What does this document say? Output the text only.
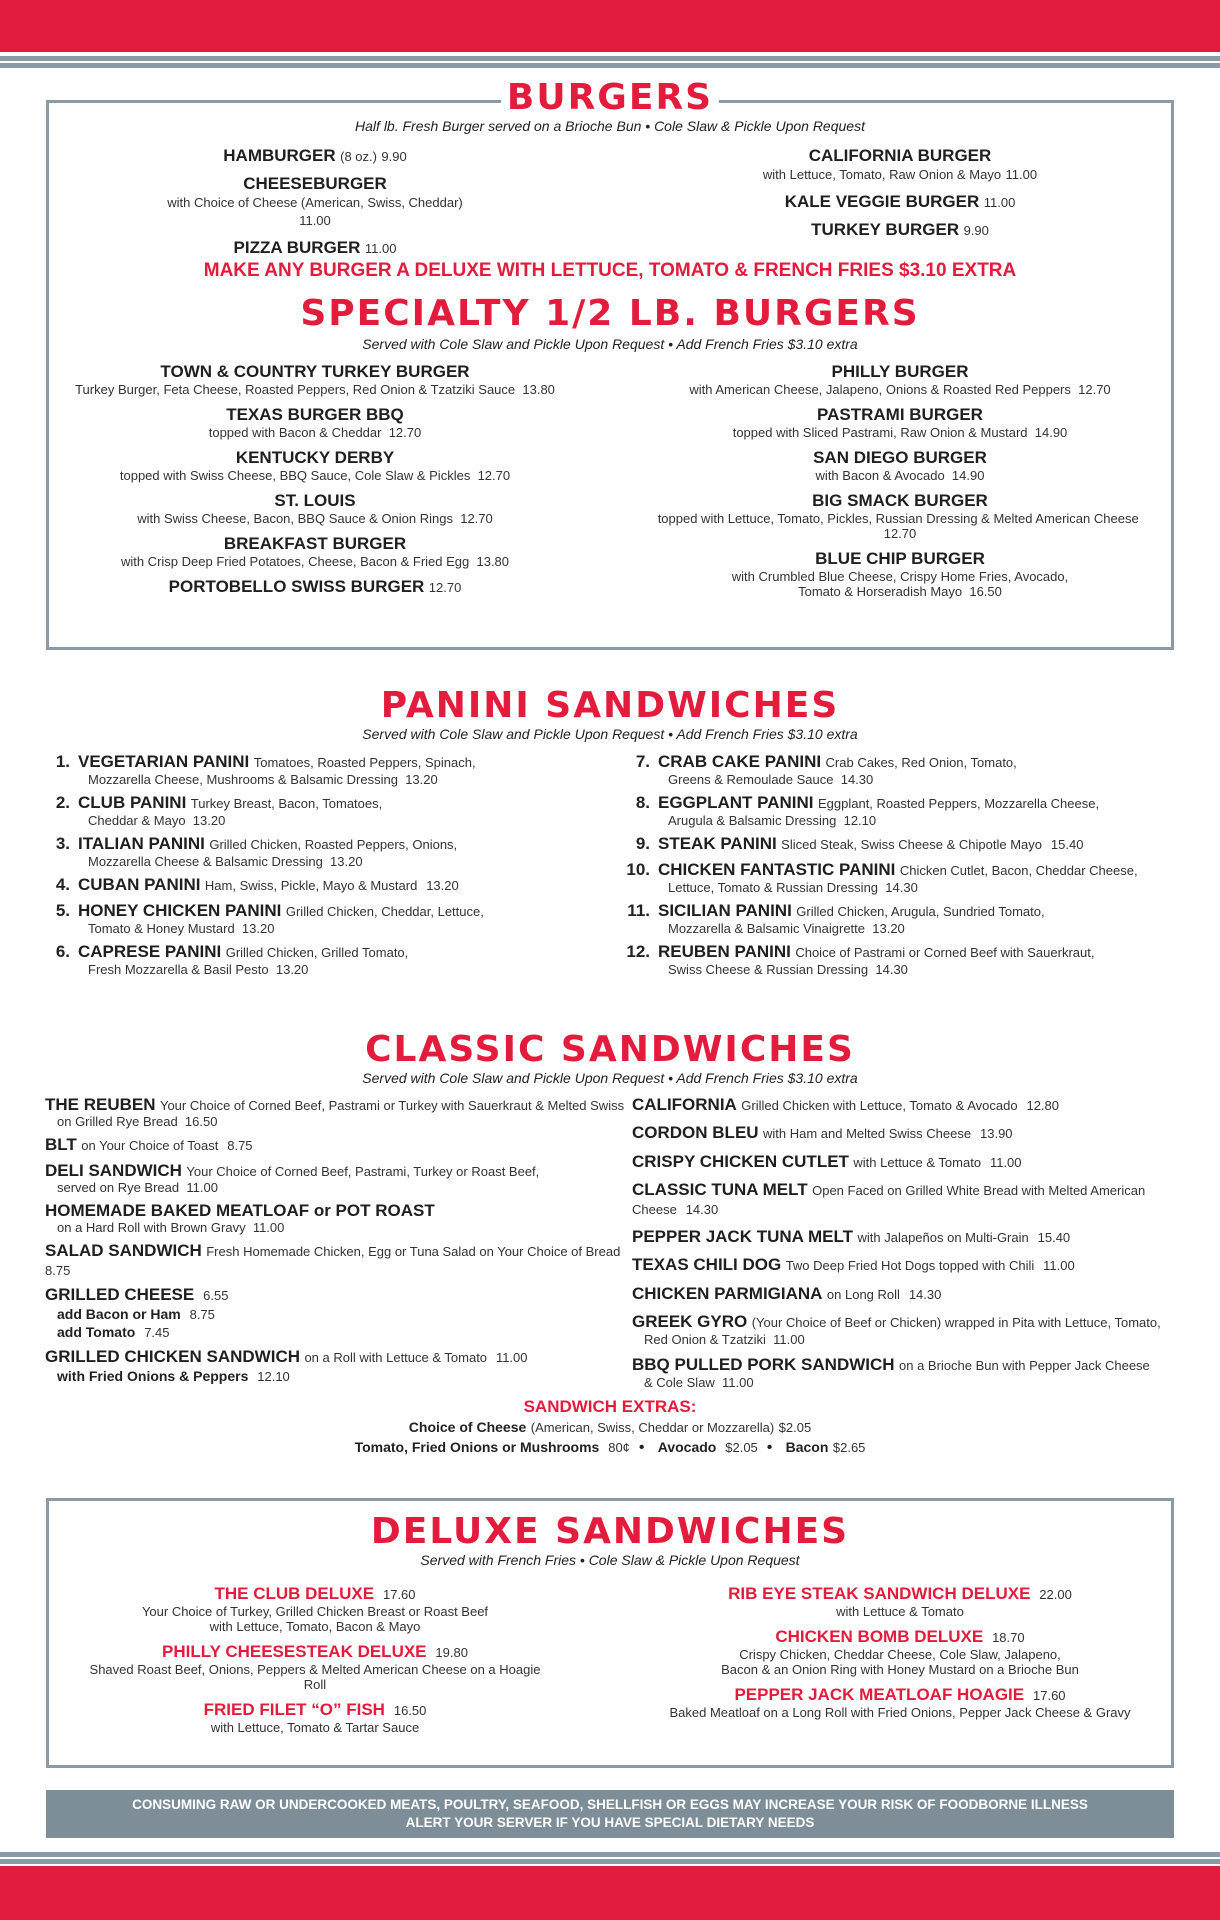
BURGERS
Half lb. Fresh Burger served on a Brioche Bun • Cole Slaw & Pickle Upon Request
HAMBURGER (8 oz.) 9.90
CHEESEBURGER
with Choice of Cheese (American, Swiss, Cheddar) 11.00
PIZZA BURGER 11.00
CALIFORNIA BURGER
with Lettuce, Tomato, Raw Onion & Mayo 11.00
KALE VEGGIE BURGER 11.00
TURKEY BURGER 9.90
MAKE ANY BURGER A DELUXE WITH LETTUCE, TOMATO & FRENCH FRIES $3.10 EXTRA
SPECIALTY 1/2 LB. BURGERS
Served with Cole Slaw and Pickle Upon Request • Add French Fries $3.10 extra
TOWN & COUNTRY TURKEY BURGER
Turkey Burger, Feta Cheese, Roasted Peppers, Red Onion & Tzatziki Sauce 13.80
TEXAS BURGER BBQ
topped with Bacon & Cheddar 12.70
KENTUCKY DERBY
topped with Swiss Cheese, BBQ Sauce, Cole Slaw & Pickles 12.70
ST. LOUIS
with Swiss Cheese, Bacon, BBQ Sauce & Onion Rings 12.70
BREAKFAST BURGER
with Crisp Deep Fried Potatoes, Cheese, Bacon & Fried Egg 13.80
PORTOBELLO SWISS BURGER 12.70
PHILLY BURGER
with American Cheese, Jalapeno, Onions & Roasted Red Peppers 12.70
PASTRAMI BURGER
topped with Sliced Pastrami, Raw Onion & Mustard 14.90
SAN DIEGO BURGER
with Bacon & Avocado 14.90
BIG SMACK BURGER
topped with Lettuce, Tomato, Pickles, Russian Dressing & Melted American Cheese  12.70
BLUE CHIP BURGER
with Crumbled Blue Cheese, Crispy Home Fries, Avocado,
Tomato & Horseradish Mayo 16.50
PANINI SANDWICHES
Served with Cole Slaw and Pickle Upon Request • Add French Fries $3.10 extra
1. VEGETARIAN PANINI Tomatoes, Roasted Peppers, Spinach,
Mozzarella Cheese, Mushrooms & Balsamic Dressing 13.20
2. CLUB PANINI Turkey Breast, Bacon, Tomatoes,
Cheddar & Mayo 13.20
3. ITALIAN PANINI Grilled Chicken, Roasted Peppers, Onions,
Mozzarella Cheese & Balsamic Dressing 13.20
4. CUBAN PANINI Ham, Swiss, Pickle, Mayo & Mustard 13.20
5. HONEY CHICKEN PANINI Grilled Chicken, Cheddar, Lettuce,
Tomato & Honey Mustard 13.20
6. CAPRESE PANINI Grilled Chicken, Grilled Tomato,
Fresh Mozzarella & Basil Pesto 13.20
7. CRAB CAKE PANINI Crab Cakes, Red Onion, Tomato,
Greens & Remoulade Sauce 14.30
8. EGGPLANT PANINI Eggplant, Roasted Peppers, Mozzarella Cheese,
Arugula & Balsamic Dressing 12.10
9. STEAK PANINI Sliced Steak, Swiss Cheese & Chipotle Mayo 15.40
10. CHICKEN FANTASTIC PANINI Chicken Cutlet, Bacon, Cheddar Cheese,
Lettuce, Tomato & Russian Dressing 14.30
11. SICILIAN PANINI Grilled Chicken, Arugula, Sundried Tomato,
Mozzarella & Balsamic Vinaigrette 13.20
12. REUBEN PANINI Choice of Pastrami or Corned Beef with Sauerkraut,
Swiss Cheese & Russian Dressing 14.30
CLASSIC SANDWICHES
Served with Cole Slaw and Pickle Upon Request • Add French Fries $3.10 extra
THE REUBEN Your Choice of Corned Beef, Pastrami or Turkey with Sauerkraut & Melted Swiss
on Grilled Rye Bread 16.50
BLT on Your Choice of Toast 8.75
DELI SANDWICH Your Choice of Corned Beef, Pastrami, Turkey or Roast Beef,
served on Rye Bread 11.00
HOMEMADE BAKED MEATLOAF or POT ROAST
on a Hard Roll with Brown Gravy 11.00
SALAD SANDWICH Fresh Homemade Chicken, Egg or Tuna Salad on Your Choice of Bread  8.75
GRILLED CHEESE 6.55
add Bacon or Ham 8.75
add Tomato 7.45
GRILLED CHICKEN SANDWICH on a Roll with Lettuce & Tomato 11.00
with Fried Onions & Peppers 12.10
CALIFORNIA Grilled Chicken with Lettuce, Tomato & Avocado 12.80
CORDON BLEU with Ham and Melted Swiss Cheese 13.90
CRISPY CHICKEN CUTLET with Lettuce & Tomato 11.00
CLASSIC TUNA MELT Open Faced on Grilled White Bread with Melted American Cheese 14.30
PEPPER JACK TUNA MELT with Jalapeños on Multi-Grain 15.40
TEXAS CHILI DOG Two Deep Fried Hot Dogs topped with Chili 11.00
CHICKEN PARMIGIANA on Long Roll 14.30
GREEK GYRO (Your Choice of Beef or Chicken) wrapped in Pita with Lettuce, Tomato,
Red Onion & Tzatziki 11.00
BBQ PULLED PORK SANDWICH on a Brioche Bun with Pepper Jack Cheese
& Cole Slaw 11.00
SANDWICH EXTRAS:
Choice of Cheese (American, Swiss, Cheddar or Mozzarella) $2.05
Tomato, Fried Onions or Mushrooms 80¢  •   Avocado $2.05  •   Bacon $2.65
DELUXE SANDWICHES
Served with French Fries • Cole Slaw & Pickle Upon Request
THE CLUB DELUXE 17.60
Your Choice of Turkey, Grilled Chicken Breast or Roast Beef
with Lettuce, Tomato, Bacon & Mayo
PHILLY CHEESESTEAK DELUXE 19.80
Shaved Roast Beef, Onions, Peppers & Melted American Cheese on a Hoagie Roll
FRIED FILET “O” FISH 16.50
with Lettuce, Tomato & Tartar Sauce
RIB EYE STEAK SANDWICH DELUXE 22.00
with Lettuce & Tomato
CHICKEN BOMB DELUXE 18.70
Crispy Chicken, Cheddar Cheese, Cole Slaw, Jalapeno,
Bacon & an Onion Ring with Honey Mustard on a Brioche Bun
PEPPER JACK MEATLOAF HOAGIE 17.60
Baked Meatloaf on a Long Roll with Fried Onions, Pepper Jack Cheese & Gravy
CONSUMING RAW OR UNDERCOOKED MEATS, POULTRY, SEAFOOD, SHELLFISH OR EGGS MAY INCREASE YOUR RISK OF FOODBORNE ILLNESS
ALERT YOUR SERVER IF YOU HAVE SPECIAL DIETARY NEEDS
